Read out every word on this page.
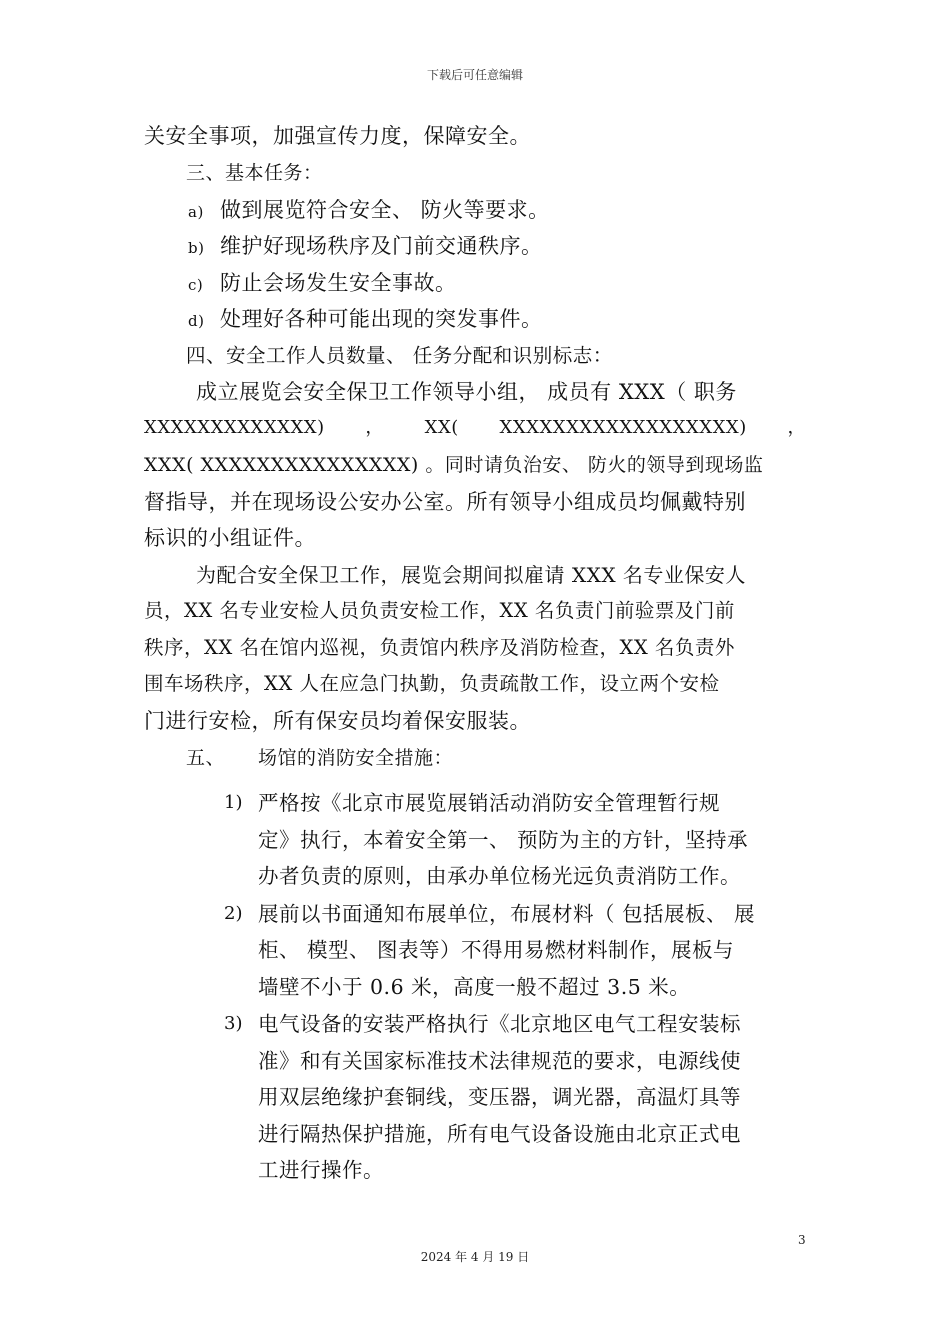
下载后可任意编辑
关安全事项，加强宣传力度，保障安全。
三、基本任务：
a) 做到展览符合安全、 防火等要求。
b) 维护好现场秩序及门前交通秩序。
c) 防止会场发生安全事故。
d) 处理好各种可能出现的突发事件。
四、安全工作人员数量、 任务分配和识别标志：
成立展览会安全保卫工作领导小组， 成员有 XXX（ 职务
XXXXXXXXXXXXX) ， XX( XXXXXXXXXXXXXXXXXX) ，
XXX( XXXXXXXXXXXXXXX) 。同时请负治安、 防火的领导到现场监
督指导，并在现场设公安办公室。所有领导小组成员均佩戴特别
标识的小组证件。
为配合安全保卫工作，展览会期间拟雇请 XXX 名专业保安人
员，XX 名专业安检人员负责安检工作，XX 名负责门前验票及门前
秩序，XX 名在馆内巡视，负责馆内秩序及消防检查，XX 名负责外
围车场秩序，XX 人在应急门执勤，负责疏散工作，设立两个安检
门进行安检，所有保安员均着保安服装。
五、 场馆的消防安全措施：
1) 严格按《北京市展览展销活动消防安全管理暂行规
定》执行，本着安全第一、 预防为主的方针，坚持承
办者负责的原则，由承办单位杨光远负责消防工作。
2) 展前以书面通知布展单位，布展材料（ 包括展板、 展
柜、 模型、 图表等）不得用易燃材料制作，展板与
墙壁不小于 0.6 米，高度一般不超过 3.5 米。
3) 电气设备的安装严格执行《北京地区电气工程安装标
准》和有关国家标准技术法律规范的要求，电源线使
用双层绝缘护套铜线，变压器，调光器，高温灯具等
进行隔热保护措施，所有电气设备设施由北京正式电
工进行操作。
3
2024 年 4 月 19 日
